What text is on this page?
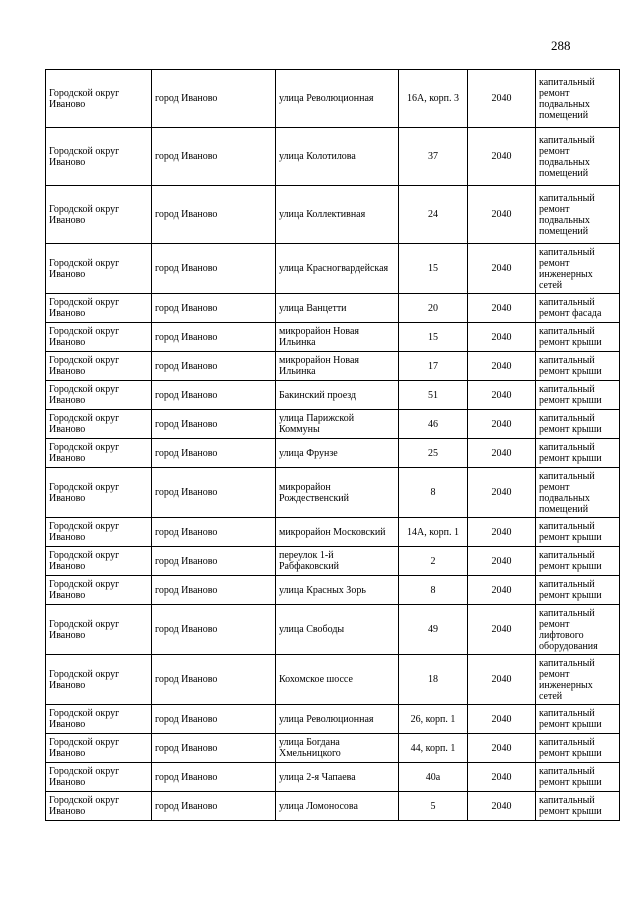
288
Городской округ Иваново	город Иваново	улица Революционная	16А, корп. 3	2040	капитальный ремонт подвальных помещений
Городской округ Иваново	город Иваново	улица Колотилова	37	2040	капитальный ремонт подвальных помещений
Городской округ Иваново	город Иваново	улица Коллективная	24	2040	капитальный ремонт подвальных помещений
Городской округ Иваново	город Иваново	улица Красногвардейская	15	2040	капитальный ремонт инженерных сетей
Городской округ Иваново	город Иваново	улица Ванцетти	20	2040	капитальный ремонт фасада
Городской округ Иваново	город Иваново	микрорайон Новая Ильинка	15	2040	капитальный ремонт крыши
Городской округ Иваново	город Иваново	микрорайон Новая Ильинка	17	2040	капитальный ремонт крыши
Городской округ Иваново	город Иваново	Бакинский проезд	51	2040	капитальный ремонт крыши
Городской округ Иваново	город Иваново	улица Парижской Коммуны	46	2040	капитальный ремонт крыши
Городской округ Иваново	город Иваново	улица Фрунзе	25	2040	капитальный ремонт крыши
Городской округ Иваново	город Иваново	микрорайон Рождественский	8	2040	капитальный ремонт подвальных помещений
Городской округ Иваново	город Иваново	микрорайон Московский	14А, корп. 1	2040	капитальный ремонт крыши
Городской округ Иваново	город Иваново	переулок 1-й Рабфаковский	2	2040	капитальный ремонт крыши
Городской округ Иваново	город Иваново	улица Красных Зорь	8	2040	капитальный ремонт крыши
Городской округ Иваново	город Иваново	улица Свободы	49	2040	капитальный ремонт лифтового оборудования
Городской округ Иваново	город Иваново	Кохомское шоссе	18	2040	капитальный ремонт инженерных сетей
Городской округ Иваново	город Иваново	улица Революционная	26, корп. 1	2040	капитальный ремонт крыши
Городской округ Иваново	город Иваново	улица Богдана Хмельницкого	44, корп. 1	2040	капитальный ремонт крыши
Городской округ Иваново	город Иваново	улица 2-я Чапаева	40а	2040	капитальный ремонт крыши
Городской округ Иваново	город Иваново	улица Ломоносова	5	2040	капитальный ремонт крыши
